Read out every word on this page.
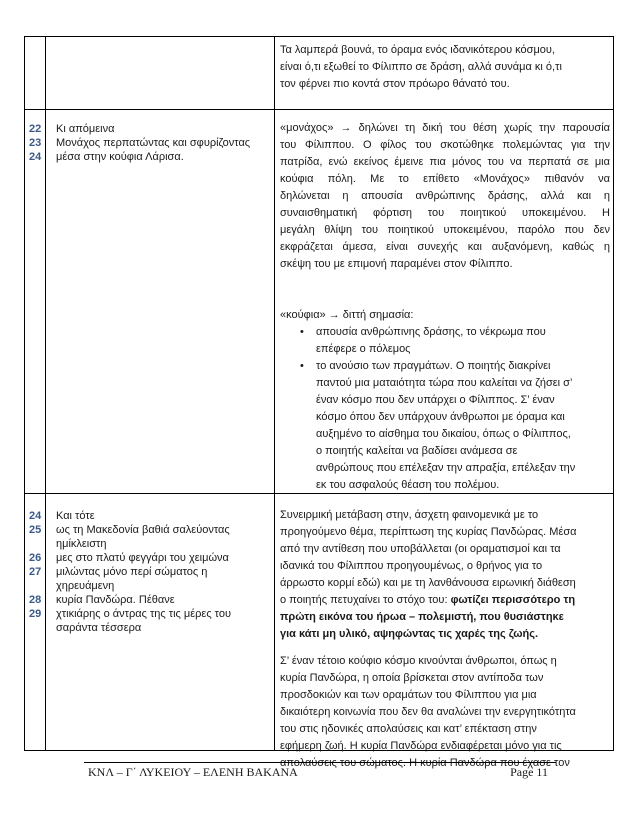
Τα λαμπερά βουνά, το όραμα ενός ιδανικότερου κόσμου,
είναι ό,τι εξωθεί το Φίλιππο σε δράση, αλλά συνάμα κι ό,τι
τον φέρνει πιο κοντά στον πρόωρο θάνατό του.
22
23
24
Κι απόμεινα
Μονάχος περπατώντας και σφυρίζοντας
μέσα στην κούφια Λάρισα.
«μονάχος» → δηλώνει τη δική του θέση χωρίς την παρουσία
του Φίλιππου. Ο φίλος του σκοτώθηκε πολεμώντας για την
πατρίδα, ενώ εκείνος έμεινε πια μόνος του να περπατά σε μια
κούφια πόλη. Με το επίθετο «Μονάχος» πιθανόν να
δηλώνεται η απουσία ανθρώπινης δράσης, αλλά και η
συναισθηματική φόρτιση του ποιητικού υποκειμένου. Η
μεγάλη θλίψη του ποιητικού υποκειμένου, παρόλο που δεν
εκφράζεται άμεσα, είναι συνεχής και αυξανόμενη, καθώς η
σκέψη του με επιμονή παραμένει στον Φίλιππο.
«κούφια» → διττή σημασία:
• απουσία ανθρώπινης δράσης, το νέκρωμα που
επέφερε ο πόλεμος
• το ανούσιο των πραγμάτων. Ο ποιητής διακρίνει
παντού μια ματαιότητα τώρα που καλείται να ζήσει σ’
έναν κόσμο που δεν υπάρχει ο Φίλιππος. Σ’ έναν
κόσμο όπου δεν υπάρχουν άνθρωποι με όραμα και
αυξημένο το αίσθημα του δικαίου, όπως ο Φίλιππος,
ο ποιητής καλείται να βαδίσει ανάμεσα σε
ανθρώπους που επέλεξαν την απραξία, επέλεξαν την
εκ του ασφαλούς θέαση του πολέμου.
24
25
26
27
28
29
Και τότε
ως τη Μακεδονία βαθιά σαλεύοντας
ημίκλειστη
μες στο πλατύ φεγγάρι του χειμώνα
μιλώντας μόνο περί σώματος η
χηρευάμενη
κυρία Πανδώρα. Πέθανε
χτικιάρης ο άντρας της τις μέρες του
σαράντα τέσσερα
Συνειρμική μετάβαση στην, άσχετη φαινομενικά με το
προηγούμενο θέμα, περίπτωση της κυρίας Πανδώρας. Μέσα
από την αντίθεση που υποβάλλεται (οι οραματισμοί και τα
ιδανικά του Φίλιππου προηγουμένως, ο θρήνος για το
άρρωστο κορμί εδώ) και με τη λανθάνουσα ειρωνική διάθεση
ο ποιητής πετυχαίνει το στόχο του: φωτίζει περισσότερο τη
πρώτη εικόνα του ήρωα – πολεμιστή, που θυσιάστηκε
για κάτι μη υλικό, αψηφώντας τις χαρές της ζωής.
Σ’ έναν τέτοιο κούφιο κόσμο κινούνται άνθρωποι, όπως η
κυρία Πανδώρα, η οποία βρίσκεται στον αντίποδα των
προσδοκιών και των οραμάτων του Φίλιππου για μια
δικαιότερη κοινωνία που δεν θα αναλώνει την ενεργητικότητα
του στις ηδονικές απολαύσεις και κατ’ επέκταση στην
εφήμερη ζωή. Η κυρία Πανδώρα ενδιαφέρεται μόνο για τις
απολαύσεις του σώματος. Η κυρία Πανδώρα που έχασε τον
ΚΝΛ – Γ΄ ΛΥΚΕΙΟΥ – ΕΛΕΝΗ ΒΑΚΑΝΑ	Page 11
